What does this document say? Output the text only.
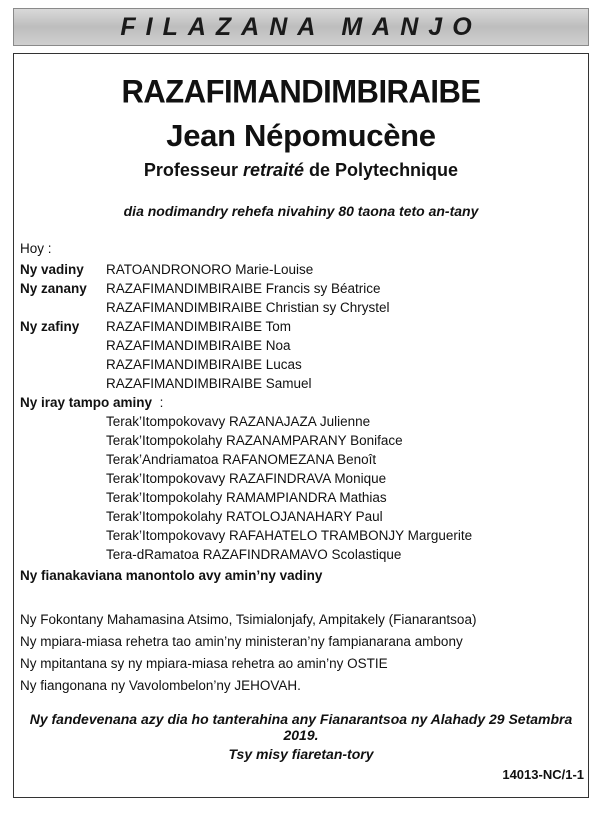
FILAZANA MANJO
RAZAFIMANDIMBIRAIBE
Jean Népomucène
Professeur retraité de Polytechnique
dia nodimandry rehefa nivahiny 80 taona teto an-tany
Hoy :
Ny vadiny RATOANDRONORO Marie-Louise
Ny zanany RAZAFIMANDIMBIRAIBE Francis sy Béatrice
RAZAFIMANDIMBIRAIBE Christian sy Chrystel
Ny zafiny RAZAFIMANDIMBIRAIBE Tom
RAZAFIMANDIMBIRAIBE Noa
RAZAFIMANDIMBIRAIBE Lucas
RAZAFIMANDIMBIRAIBE Samuel
Ny iray tampo aminy :
Terak’Itompokovavy RAZANAJAZA Julienne
Terak’Itompokolahy RAZANAMPARANY Boniface
Terak’Andriamatoa RAFANOMEZANA Benoît
Terak’Itompokovavy RAZAFINDRAVA Monique
Terak’Itompokolahy RAMAMPIANDRA Mathias
Terak’Itompokolahy RATOLOJANAHARY Paul
Terak’Itompokovavy RAFAHATELO TRAMBONJY Marguerite
Tera-dRamatoa RAZAFINDRAMAVO Scolastique
Ny fianakaviana manontolo avy amin’ny vadiny
Ny Fokontany Mahamasina Atsimo, Tsimialonjafy, Ampitakely (Fianarantsoa)
Ny mpiara-miasa rehetra tao amin’ny ministeran’ny fampianarana ambony
Ny mpitantana sy ny mpiara-miasa rehetra ao amin’ny OSTIE
Ny fiangonana ny Vavolombelon’ny JEHOVAH.
Ny fandevenana azy dia ho tanterahina any Fianarantsoa ny Alahady 29 Setambra 2019.
Tsy misy fiaretan-tory
14013-NC/1-1
